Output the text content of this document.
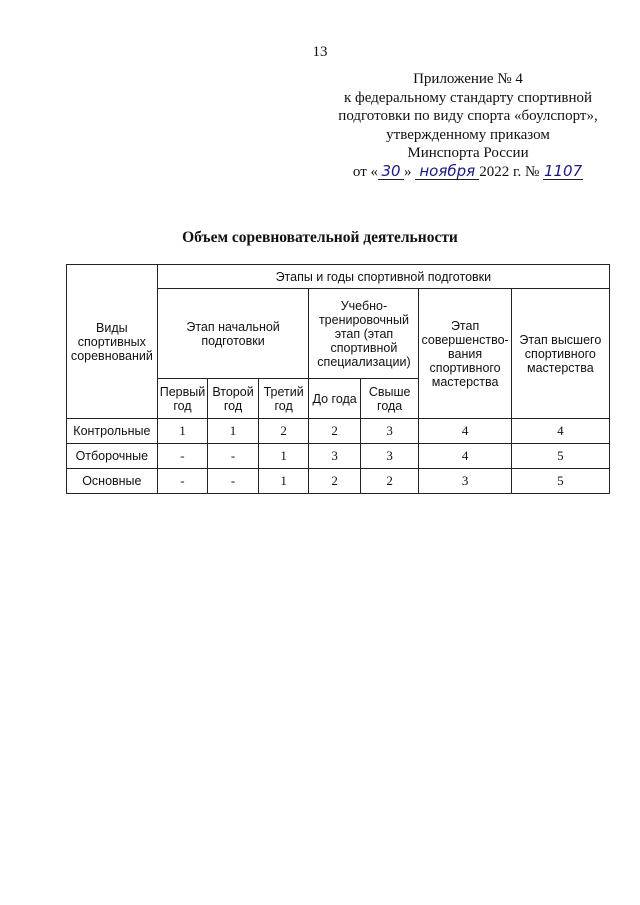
13
Приложение № 4
к федеральному стандарту спортивной
подготовки по виду спорта «боулспорт»,
утвержденному приказом
Минспорта России
от « 30 » ноября 2022 г. № 1107
Объем соревновательной деятельности
Виды спортивных соревнований	Этапы и годы спортивной подготовки						
	Этап начальной подготовки			Учебно-тренировочный этап (этап спортивной специализации)		Этап совершенство-вания спортивного мастерства	Этап высшего спортивного мастерства
	Первый год	Второй год	Третий год	До года	Свыше года		
Контрольные	1	1	2	2	3	4	4
Отборочные	-	-	1	3	3	4	5
Основные	-	-	1	2	2	3	5
